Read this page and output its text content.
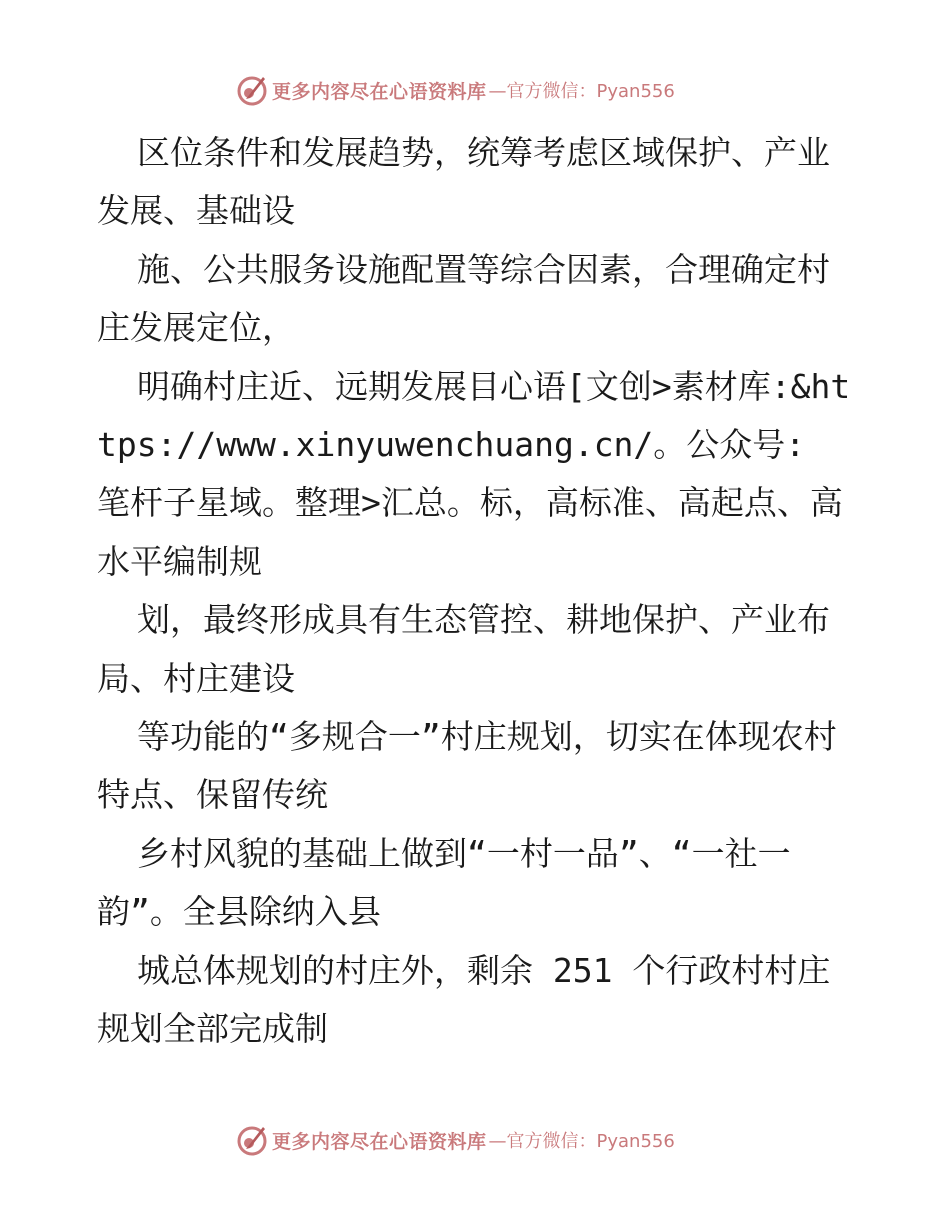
更多内容尽在心语资料库 —官方微信：Pyan556

区位条件和发展趋势，统筹考虑区域保护、产业发展、基础设

施、公共服务设施配置等综合因素，合理确定村庄发展定位，

明确村庄近、远期发展目心语[文创>素材库:&https://www.xinyuwenchuang.cn/。公众号: 笔杆子星域。整理>汇总。标，高标准、高起点、高水平编制规

划，最终形成具有生态管控、耕地保护、产业布局、村庄建设

等功能的“多规合一”村庄规划，切实在体现农村特点、保留传统

乡村风貌的基础上做到“一村一品”、“一社一韵”。全县除纳入县

城总体规划的村庄外，剩余 251 个行政村村庄规划全部完成制

更多内容尽在心语资料库 —官方微信：Pyan556
